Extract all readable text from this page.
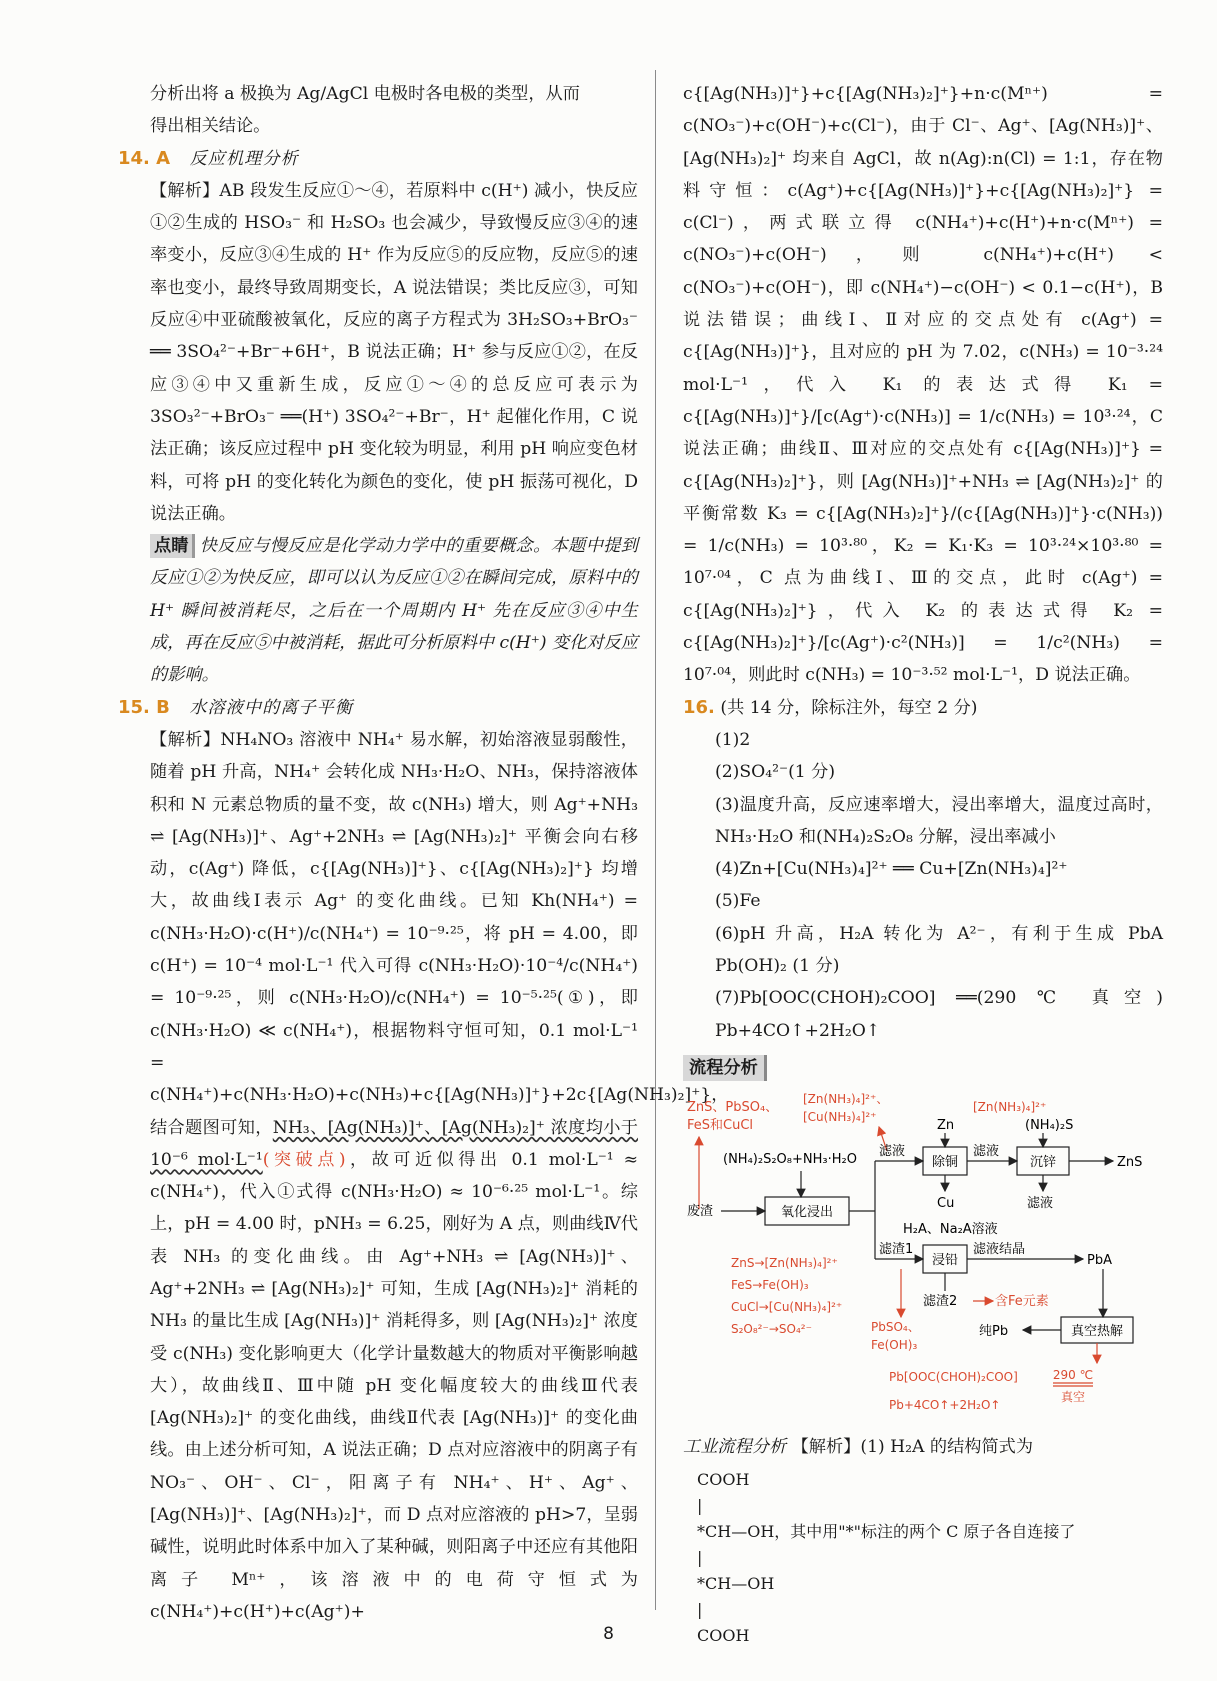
分析出将 a 极换为 Ag/AgCl 电极时各电极的类型，从而

得出相关结论。

14. A 反应机理分析

【解析】AB 段发生反应①～④，若原料中 c(H⁺) 减小，快反应①②生成的 HSO₃⁻ 和 H₂SO₃ 也会减少，导致慢反应③④的速率变小，反应③④生成的 H⁺ 作为反应⑤的反应物，反应⑤的速率也变小，最终导致周期变长，A 说法错误；类比反应③，可知反应④中亚硫酸被氧化，反应的离子方程式为 3H₂SO₃+BrO₃⁻ ══ 3SO₄²⁻+Br⁻+6H⁺，B 说法正确；H⁺ 参与反应①②，在反应③④中又重新生成，反应①～④的总反应可表示为 3SO₃²⁻+BrO₃⁻ ══(H⁺) 3SO₄²⁻+Br⁻，H⁺ 起催化作用，C 说法正确；该反应过程中 pH 变化较为明显，利用 pH 响应变色材料，可将 pH 的变化转化为颜色的变化，使 pH 振荡可视化，D 说法正确。

点睛 快反应与慢反应是化学动力学中的重要概念。本题中提到反应①②为快反应，即可以认为反应①②在瞬间完成，原料中的 H⁺ 瞬间被消耗尽，之后在一个周期内 H⁺ 先在反应③④中生成，再在反应⑤中被消耗，据此可分析原料中 c(H⁺) 变化对反应的影响。

15. B 水溶液中的离子平衡

【解析】NH₄NO₃ 溶液中 NH₄⁺ 易水解，初始溶液显弱酸性，随着 pH 升高，NH₄⁺ 会转化成 NH₃·H₂O、NH₃，保持溶液体积和 N 元素总物质的量不变，故 c(NH₃) 增大，则 Ag⁺+NH₃ ⇌ [Ag(NH₃)]⁺、Ag⁺+2NH₃ ⇌ [Ag(NH₃)₂]⁺ 平衡会向右移动，c(Ag⁺) 降低，c{[Ag(NH₃)]⁺}、c{[Ag(NH₃)₂]⁺} 均增大，故曲线Ⅰ表示 Ag⁺ 的变化曲线。已知 Kh(NH₄⁺) = c(NH₃·H₂O)·c(H⁺)/c(NH₄⁺) = 10⁻⁹·²⁵，将 pH = 4.00，即 c(H⁺) = 10⁻⁴ mol·L⁻¹ 代入可得 c(NH₃·H₂O)·10⁻⁴/c(NH₄⁺) = 10⁻⁹·²⁵，则 c(NH₃·H₂O)/c(NH₄⁺) = 10⁻⁵·²⁵(①)，即 c(NH₃·H₂O) ≪ c(NH₄⁺)，根据物料守恒可知，0.1 mol·L⁻¹ = c(NH₄⁺)+c(NH₃·H₂O)+c(NH₃)+c{[Ag(NH₃)]⁺}+2c{[Ag(NH₃)₂]⁺}，结合题图可知，NH₃、[Ag(NH₃)]⁺、[Ag(NH₃)₂]⁺ 浓度均小于 10⁻⁶ mol·L⁻¹(突破点)，故可近似得出 0.1 mol·L⁻¹ ≈ c(NH₄⁺)，代入①式得 c(NH₃·H₂O) ≈ 10⁻⁶·²⁵ mol·L⁻¹。综上，pH = 4.00 时，pNH₃ = 6.25，刚好为 A 点，则曲线Ⅳ代表 NH₃ 的变化曲线。由 Ag⁺+NH₃ ⇌ [Ag(NH₃)]⁺、Ag⁺+2NH₃ ⇌ [Ag(NH₃)₂]⁺ 可知，生成 [Ag(NH₃)₂]⁺ 消耗的 NH₃ 的量比生成 [Ag(NH₃)]⁺ 消耗得多，则 [Ag(NH₃)₂]⁺ 浓度受 c(NH₃) 变化影响更大（化学计量数越大的物质对平衡影响越大），故曲线Ⅱ、Ⅲ中随 pH 变化幅度较大的曲线Ⅲ代表 [Ag(NH₃)₂]⁺ 的变化曲线，曲线Ⅱ代表 [Ag(NH₃)]⁺ 的变化曲线。由上述分析可知，A 说法正确；D 点对应溶液中的阴离子有 NO₃⁻、OH⁻、Cl⁻，阳离子有 NH₄⁺、H⁺、Ag⁺、[Ag(NH₃)]⁺、[Ag(NH₃)₂]⁺，而 D 点对应溶液的 pH>7，呈弱碱性，说明此时体系中加入了某种碱，则阳离子中还应有其他阳离子 Mⁿ⁺，该溶液中的电荷守恒式为 c(NH₄⁺)+c(H⁺)+c(Ag⁺)+

c{[Ag(NH₃)]⁺}+c{[Ag(NH₃)₂]⁺}+n·c(Mⁿ⁺) = c(NO₃⁻)+c(OH⁻)+c(Cl⁻)，由于 Cl⁻、Ag⁺、[Ag(NH₃)]⁺、[Ag(NH₃)₂]⁺ 均来自 AgCl，故 n(Ag):n(Cl) = 1:1，存在物料守恒：c(Ag⁺)+c{[Ag(NH₃)]⁺}+c{[Ag(NH₃)₂]⁺} = c(Cl⁻)，两式联立得 c(NH₄⁺)+c(H⁺)+n·c(Mⁿ⁺) = c(NO₃⁻)+c(OH⁻)，则 c(NH₄⁺)+c(H⁺) < c(NO₃⁻)+c(OH⁻)，即 c(NH₄⁺)−c(OH⁻) < 0.1−c(H⁺)，B 说法错误；曲线Ⅰ、Ⅱ对应的交点处有 c(Ag⁺) = c{[Ag(NH₃)]⁺}，且对应的 pH 为 7.02，c(NH₃) = 10⁻³·²⁴ mol·L⁻¹，代入 K₁ 的表达式得 K₁ = c{[Ag(NH₃)]⁺}/[c(Ag⁺)·c(NH₃)] = 1/c(NH₃) = 10³·²⁴，C 说法正确；曲线Ⅱ、Ⅲ对应的交点处有 c{[Ag(NH₃)]⁺} = c{[Ag(NH₃)₂]⁺}，则 [Ag(NH₃)]⁺+NH₃ ⇌ [Ag(NH₃)₂]⁺ 的平衡常数 K₃ = c{[Ag(NH₃)₂]⁺}/(c{[Ag(NH₃)]⁺}·c(NH₃)) = 1/c(NH₃) = 10³·⁸⁰，K₂ = K₁·K₃ = 10³·²⁴×10³·⁸⁰ = 10⁷·⁰⁴，C 点为曲线Ⅰ、Ⅲ的交点，此时 c(Ag⁺) = c{[Ag(NH₃)₂]⁺}，代入 K₂ 的表达式得 K₂ = c{[Ag(NH₃)₂]⁺}/[c(Ag⁺)·c²(NH₃)] = 1/c²(NH₃) = 10⁷·⁰⁴，则此时 c(NH₃) = 10⁻³·⁵² mol·L⁻¹，D 说法正确。

16. (共 14 分，除标注外，每空 2 分)

(1)2

(2)SO₄²⁻(1 分)

(3)温度升高，反应速率增大，浸出率增大，温度过高时，NH₃·H₂O 和(NH₄)₂S₂O₈ 分解，浸出率减小

(4)Zn+[Cu(NH₃)₄]²⁺ ══ Cu+[Zn(NH₃)₄]²⁺

(5)Fe

(6)pH 升高，H₂A 转化为 A²⁻，有利于生成 PbA　Pb(OH)₂ (1 分)

(7)Pb[OOC(CHOH)₂COO] ══(290 ℃ 真空) Pb+4CO↑+2H₂O↑

流程分析
ZnS、PbSO₄、
FeS和CuCl
[Zn(NH₃)₄]²⁺、
[Cu(NH₃)₄]²⁺
[Zn(NH₃)₄]²⁺
废渣
(NH₄)₂S₂O₈+NH₃·H₂O
氧化浸出
滤液
滤渣1
Zn
除铜
Cu
滤液
(NH₄)₂S
沉锌	ZnS
滤液
H₂A、Na₂A溶液
浸铅
滤液结晶
PbA
滤渣2	含Fe元素
真空热解
纯Pb
ZnS→[Zn(NH₃)₄]²⁺
FeS→Fe(OH)₃
CuCl→[Cu(NH₃)₄]²⁺
S₂O₈²⁻→SO₄²⁻	PbSO₄、
Fe(OH)₃
Pb[OOC(CHOH)₂COO]	290 ℃
真空
Pb+4CO↑+2H₂O↑

工业流程分析 【解析】(1) H₂A 的结构简式为

COOH
|
*CH—OH，其中用"*"标注的两个 C 原子各自连接了
|
*CH—OH
|
COOH
8
